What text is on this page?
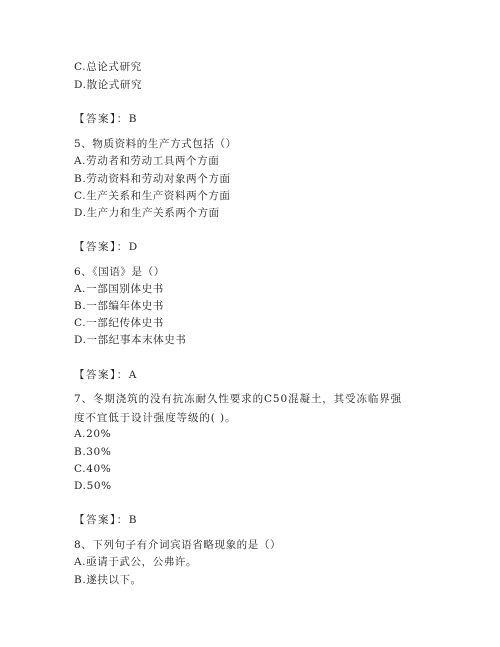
C.总论式研究
D.散论式研究
【答案】：B
5、物质资料的生产方式包括（）
A.劳动者和劳动工具两个方面
B.劳动资料和劳动对象两个方面
C.生产关系和生产资料两个方面
D.生产力和生产关系两个方面
【答案】：D
6、《国语》是（）
A.一部国别体史书
B.一部编年体史书
C.一部纪传体史书
D.一部纪事本末体史书
【答案】：A
7、冬期浇筑的没有抗冻耐久性要求的C50混凝土，其受冻临界强度不宜低于设计强度等级的( )。
A.20%
B.30%
C.40%
D.50%
【答案】：B
8、下列句子有介词宾语省略现象的是（）
A.亟请于武公，公弗许。
B.遂扶以下。
